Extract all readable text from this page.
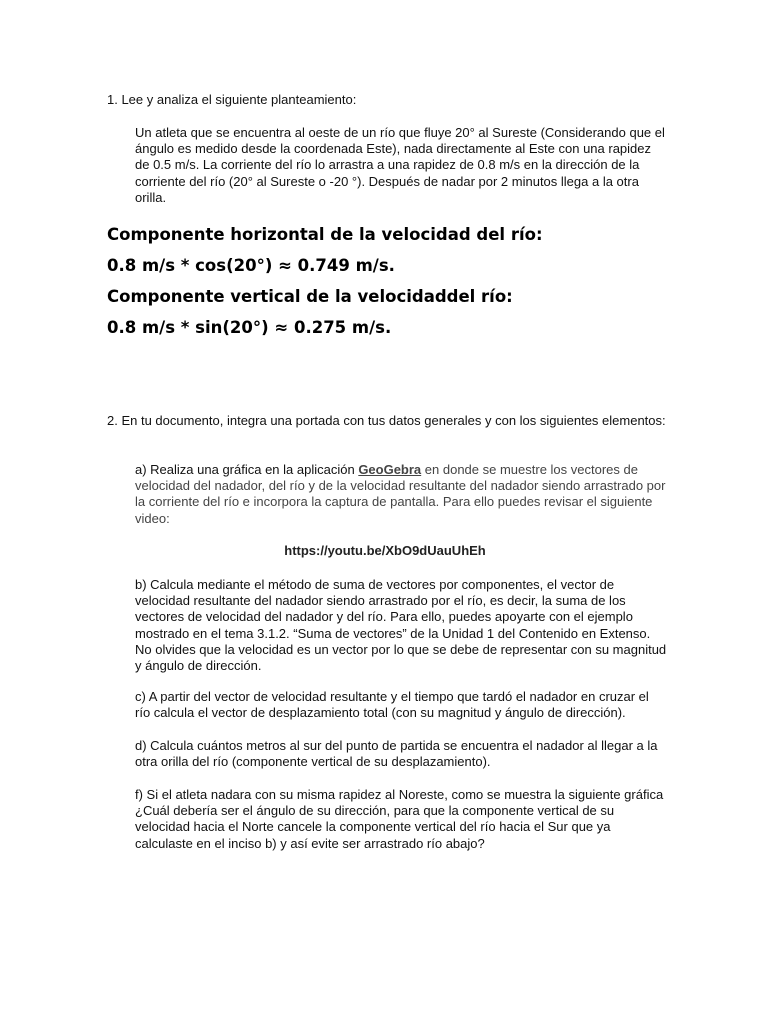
1. Lee y analiza el siguiente planteamiento:

Un atleta que se encuentra al oeste de un río que fluye 20° al Sureste (Considerando que el ángulo es medido desde la coordenada Este), nada directamente al Este con una rapidez de 0.5 m/s. La corriente del río lo arrastra a una rapidez de 0.8 m/s en la dirección de la corriente del río (20° al Sureste o -20 °). Después de nadar por 2 minutos llega a la otra orilla.

Componente horizontal de la velocidad del río:

0.8 m/s * cos(20°) ≈ 0.749 m/s.

Componente vertical de la velocidaddel río:

0.8 m/s * sin(20°) ≈ 0.275 m/s.

2. En tu documento, integra una portada con tus datos generales y con los siguientes elementos:

a) Realiza una gráfica en la aplicación GeoGebra en donde se muestre los vectores de velocidad del nadador, del río y de la velocidad resultante del nadador siendo arrastrado por la corriente del río e incorpora la captura de pantalla. Para ello puedes revisar el siguiente video:

https://youtu.be/XbO9dUauUhEh

b) Calcula mediante el método de suma de vectores por componentes, el vector de velocidad resultante del nadador siendo arrastrado por el río, es decir, la suma de los vectores de velocidad del nadador y del río. Para ello, puedes apoyarte con el ejemplo mostrado en el tema 3.1.2. “Suma de vectores” de la Unidad 1 del Contenido en Extenso. No olvides que la velocidad es un vector por lo que se debe de representar con su magnitud y ángulo de dirección.

c) A partir del vector de velocidad resultante y el tiempo que tardó el nadador en cruzar el río calcula el vector de desplazamiento total (con su magnitud y ángulo de dirección).

d) Calcula cuántos metros al sur del punto de partida se encuentra el nadador al llegar a la otra orilla del río (componente vertical de su desplazamiento).

f) Si el atleta nadara con su misma rapidez al Noreste, como se muestra la siguiente gráfica ¿Cuál debería ser el ángulo de su dirección, para que la componente vertical de su velocidad hacia el Norte cancele la componente vertical del río hacia el Sur que ya calculaste en el inciso b) y así evite ser arrastrado río abajo?
